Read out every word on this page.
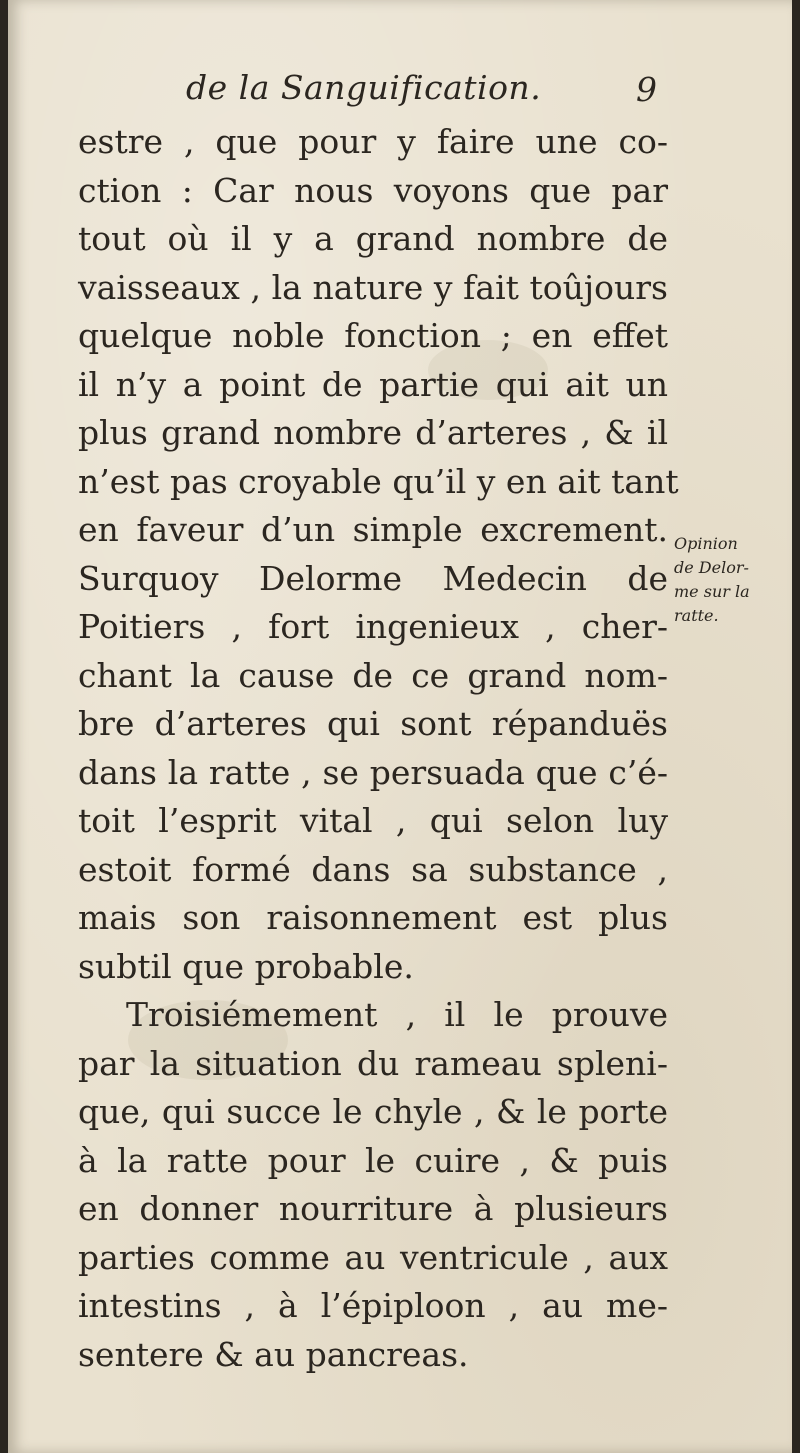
de la Sanguification.	9
estre , que pour y faire une co-
ction : Car nous voyons que par
tout où il y a grand nombre de
vaisseaux , la nature y fait toûjours
quelque noble fonction ; en effet
il n’y a point de partie qui ait un
plus grand nombre d’arteres , & il
n’est pas croyable qu’il y en ait tant
en faveur d’un simple excrement.
Surquoy Delorme Medecin de
Poitiers , fort ingenieux , cher-
chant la cause de ce grand nom-
bre d’arteres qui sont répanduës
dans la ratte , se persuada que c’é-
toit l’esprit vital , qui selon luy
estoit formé dans sa substance ,
mais son raisonnement est plus
subtil que probable.
Troisiémement , il le prouve
par la situation du rameau spleni-
que, qui succe le chyle , & le porte
à la ratte pour le cuire , & puis
en donner nourriture à plusieurs
parties comme au ventricule , aux
intestins , à l’épiploon , au me-
sentere & au pancreas.
Opinion
de Delor-
me sur la
ratte.
